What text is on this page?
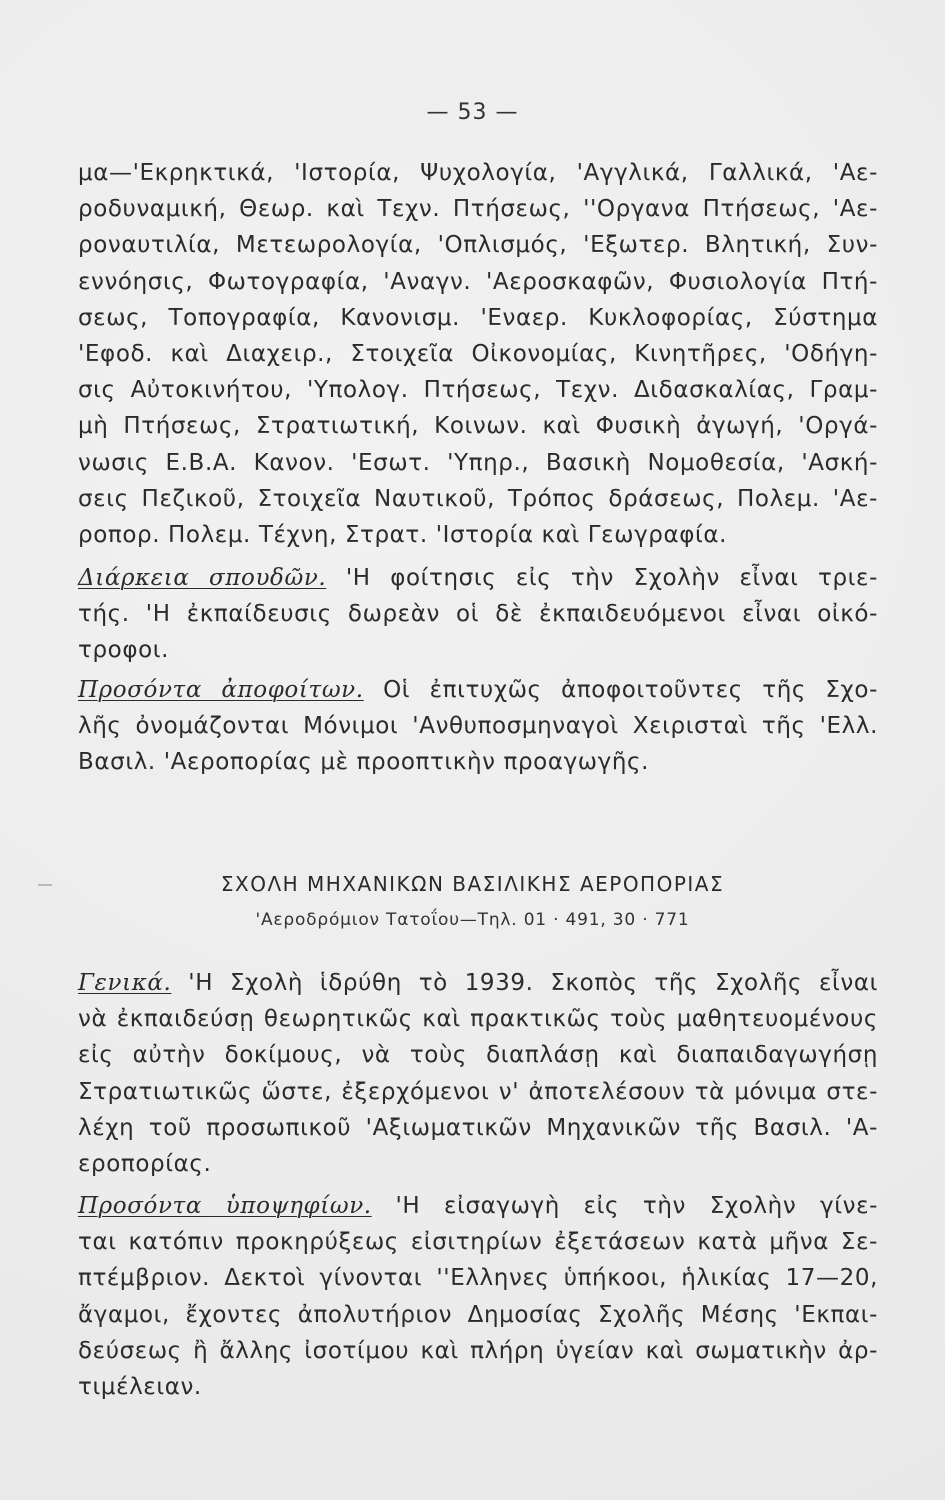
— 53 —
μα—'Εκρηκτικά, 'Ιστορία, Ψυχολογία, 'Αγγλικά, Γαλλικά, 'Αε-
ροδυναμική, Θεωρ. καὶ Τεχν. Πτήσεως, ''Οργανα Πτήσεως, 'Αε-
ροναυτιλία, Μετεωρολογία, 'Οπλισμός, 'Εξωτερ. Βλητική, Συν-
εννόησις, Φωτογραφία, 'Αναγν. 'Αεροσκαφῶν, Φυσιολογία Πτή-
σεως, Τοπογραφία, Κανονισμ. 'Εναερ. Κυκλοφορίας, Σύστημα
'Εφοδ. καὶ Διαχειρ., Στοιχεῖα Οἰκονομίας, Κινητῆρες, 'Οδήγη-
σις Αὐτοκινήτου, 'Υπολογ. Πτήσεως, Τεχν. Διδασκαλίας, Γραμ-
μὴ Πτήσεως, Στρατιωτική, Κοινων. καὶ Φυσικὴ ἀγωγή, 'Οργά-
νωσις Ε.Β.Α. Κανον. 'Εσωτ. 'Υπηρ., Βασικὴ Νομοθεσία, 'Ασκή-
σεις Πεζικοῦ, Στοιχεῖα Ναυτικοῦ, Τρόπος δράσεως, Πολεμ. 'Αε-
ροπορ. Πολεμ. Τέχνη, Στρατ. 'Ιστορία καὶ Γεωγραφία.
Διάρκεια σπουδῶν. 'Η φοίτησις εἰς τὴν Σχολὴν εἶναι τριε-
τής. 'Η ἐκπαίδευσις δωρεὰν οἱ δὲ ἐκπαιδευόμενοι εἶναι οἰκό-
τροφοι.
Προσόντα ἀποφοίτων. Οἱ ἐπιτυχῶς ἀποφοιτοῦντες τῆς Σχο-
λῆς ὀνομάζονται Μόνιμοι 'Ανθυποσμηναγοὶ Χειρισταὶ τῆς 'Ελλ.
Βασιλ. 'Αεροπορίας μὲ προοπτικὴν προαγωγῆς.
ΣΧΟΛΗ ΜΗΧΑΝΙΚΩΝ ΒΑΣΙΛΙΚΗΣ ΑΕΡΟΠΟΡΙΑΣ
'Αεροδρόμιον Τατοΐου—Τηλ. 01 · 491, 30 · 771
Γενικά. 'Η Σχολὴ ἱδρύθη τὸ 1939. Σκοπὸς τῆς Σχολῆς εἶναι
νὰ ἐκπαιδεύσῃ θεωρητικῶς καὶ πρακτικῶς τοὺς μαθητευομένους
εἰς αὐτὴν δοκίμους, νὰ τοὺς διαπλάσῃ καὶ διαπαιδαγωγήσῃ
Στρατιωτικῶς ὥστε, ἐξερχόμενοι ν' ἀποτελέσουν τὰ μόνιμα στε-
λέχη τοῦ προσωπικοῦ 'Αξιωματικῶν Μηχανικῶν τῆς Βασιλ. 'Α-
εροπορίας.
Προσόντα ὑποψηφίων. 'Η εἰσαγωγὴ εἰς τὴν Σχολὴν γίνε-
ται κατόπιν προκηρύξεως εἰσιτηρίων ἐξετάσεων κατὰ μῆνα Σε-
πτέμβριον. Δεκτοὶ γίνονται ''Ελληνες ὑπήκοοι, ἡλικίας 17—20,
ἄγαμοι, ἔχοντες ἀπολυτήριον Δημοσίας Σχολῆς Μέσης 'Εκπαι-
δεύσεως ἢ ἄλλης ἰσοτίμου καὶ πλήρη ὑγείαν καὶ σωματικὴν ἀρ-
τιμέλειαν.
